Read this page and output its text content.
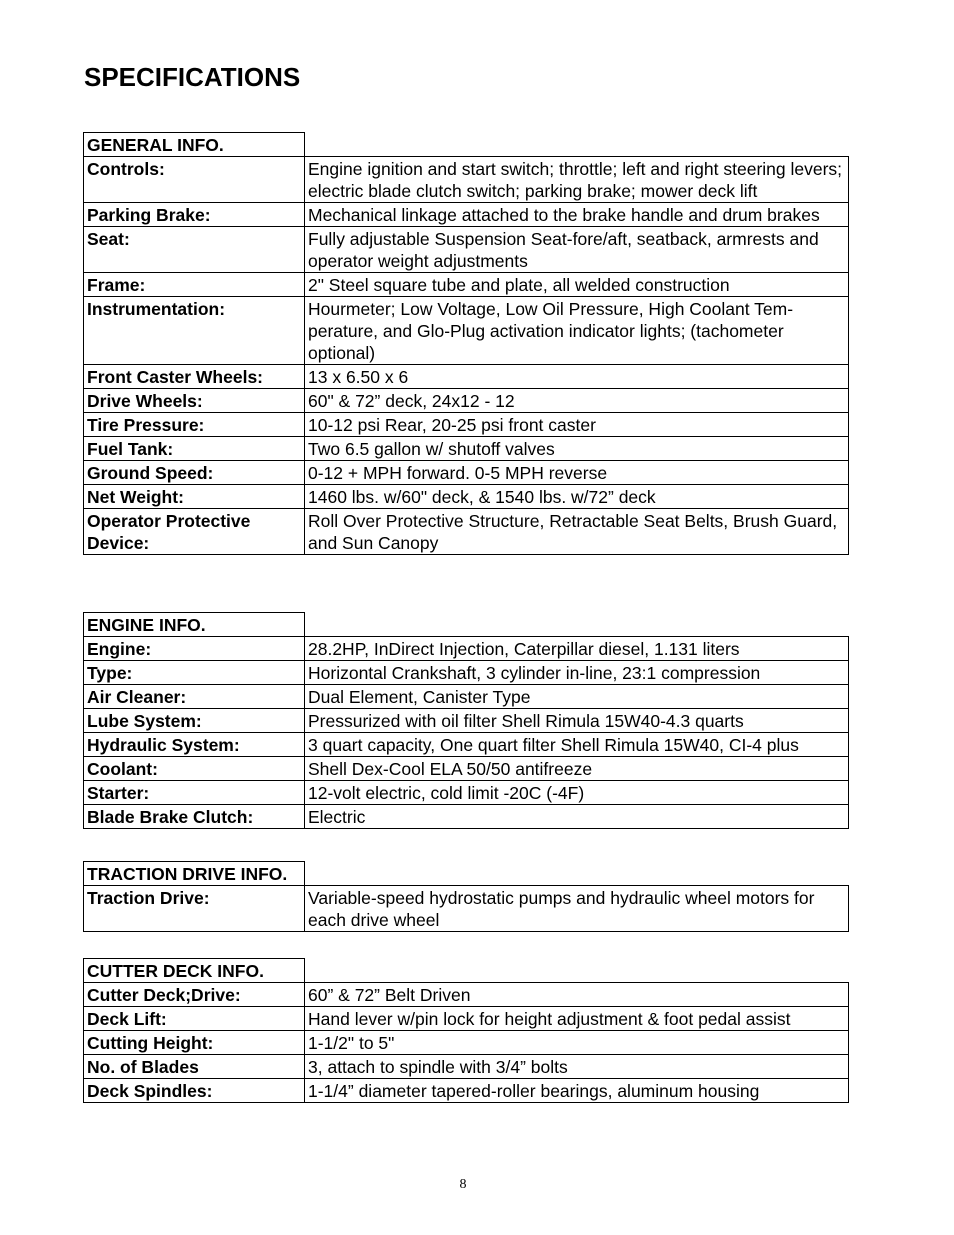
SPECIFICATIONS
GENERAL INFO.	
Controls:	Engine ignition and start switch; throttle; left and right steering levers; electric blade clutch switch; parking brake; mower deck lift
Parking Brake:	Mechanical linkage attached to the brake handle and drum brakes
Seat:	Fully adjustable Suspension Seat-fore/aft, seatback, armrests and operator weight adjustments
Frame:	2" Steel square tube and plate, all welded construction
Instrumentation:	Hourmeter; Low Voltage, Low Oil Pressure, High Coolant Tem-perature, and Glo-Plug activation indicator lights; (tachometer optional)
Front Caster Wheels:	13 x 6.50 x 6
Drive Wheels:	60" & 72” deck, 24x12 - 12
Tire Pressure:	10-12 psi Rear, 20-25 psi front caster
Fuel Tank:	Two 6.5 gallon w/ shutoff valves
Ground Speed:	0-12 + MPH forward. 0-5 MPH reverse
Net Weight:	1460 lbs. w/60" deck, & 1540 lbs. w/72” deck
Operator Protective Device:	Roll Over Protective Structure, Retractable Seat Belts, Brush Guard, and Sun Canopy
ENGINE INFO.	
Engine:	28.2HP, InDirect Injection, Caterpillar diesel, 1.131 liters
Type:	Horizontal Crankshaft, 3 cylinder in-line, 23:1 compression
Air Cleaner:	Dual Element, Canister Type
Lube System:	Pressurized with oil filter Shell Rimula 15W40-4.3 quarts
Hydraulic System:	3 quart capacity, One quart filter Shell Rimula 15W40, CI-4 plus
Coolant:	Shell Dex-Cool ELA 50/50 antifreeze
Starter:	12-volt electric, cold limit -20C (-4F)
Blade Brake Clutch:	Electric
TRACTION DRIVE INFO.	
Traction Drive:	Variable-speed hydrostatic pumps and hydraulic wheel motors for each drive wheel
CUTTER DECK INFO.	
Cutter Deck;Drive:	60” & 72” Belt Driven
Deck Lift:	Hand lever w/pin lock for height adjustment & foot pedal assist
Cutting Height:	1-1/2" to 5"
No. of Blades	3, attach to spindle with 3/4” bolts
Deck Spindles:	1-1/4” diameter tapered-roller bearings, aluminum housing
8
